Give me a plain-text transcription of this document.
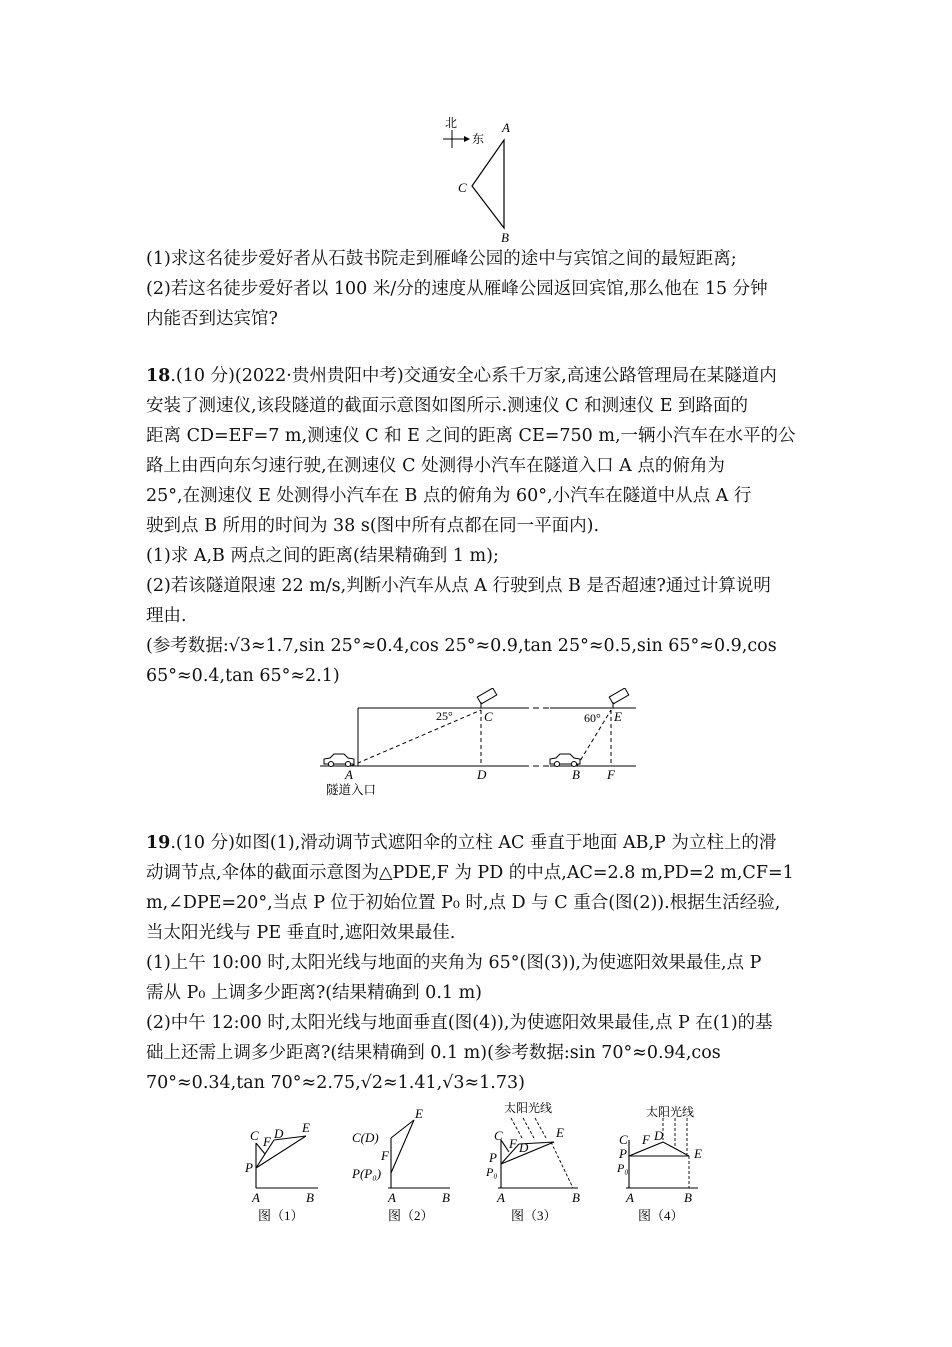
北
东
A
C
B
(1)求这名徒步爱好者从石鼓书院走到雁峰公园的途中与宾馆之间的最短距离;
(2)若这名徒步爱好者以 100 米/分的速度从雁峰公园返回宾馆,那么他在 15 分钟
内能否到达宾馆?
18.(10 分)(2022·贵州贵阳中考)交通安全心系千万家,高速公路管理局在某隧道内
安装了测速仪,该段隧道的截面示意图如图所示.测速仪 C 和测速仪 E 到路面的
距离 CD=EF=7 m,测速仪 C 和 E 之间的距离 CE=750 m,一辆小汽车在水平的公
路上由西向东匀速行驶,在测速仪 C 处测得小汽车在隧道入口 A 点的俯角为
25°,在测速仪 E 处测得小汽车在 B 点的俯角为 60°,小汽车在隧道中从点 A 行
驶到点 B 所用的时间为 38 s(图中所有点都在同一平面内).
(1)求 A,B 两点之间的距离(结果精确到 1 m);
(2)若该隧道限速 22 m/s,判断小汽车从点 A 行驶到点 B 是否超速?通过计算说明
理由.
(参考数据:√3≈1.7,sin 25°≈0.4,cos 25°≈0.9,tan 25°≈0.5,sin 65°≈0.9,cos
65°≈0.4,tan 65°≈2.1)
25° C	60° E
A	D	B F
隧道入口
19.(10 分)如图(1),滑动调节式遮阳伞的立柱 AC 垂直于地面 AB,P 为立柱上的滑
动调节点,伞体的截面示意图为△PDE,F 为 PD 的中点,AC=2.8 m,PD=2 m,CF=1
m,∠DPE=20°,当点 P 位于初始位置 P₀ 时,点 D 与 C 重合(图(2)).根据生活经验,
当太阳光线与 PE 垂直时,遮阳效果最佳.
(1)上午 10:00 时,太阳光线与地面的夹角为 65°(图(3)),为使遮阳效果最佳,点 P
需从 P₀ 上调多少距离?(结果精确到 0.1 m)
(2)中午 12:00 时,太阳光线与地面垂直(图(4)),为使遮阳效果最佳,点 P 在(1)的基
础上还需上调多少距离?(结果精确到 0.1 m)(参考数据:sin 70°≈0.94,cos
70°≈0.34,tan 70°≈2.75,√2≈1.41,√3≈1.73)
C F
D E
P
A	B
图（1）
E
C(D)
F
P(P₀)
A	B
图（2）
太阳光线
C
F D
E
P
P₀
A	B
图（3）
太阳光线
C F D
E
P
P₀
A	B
图（4）
